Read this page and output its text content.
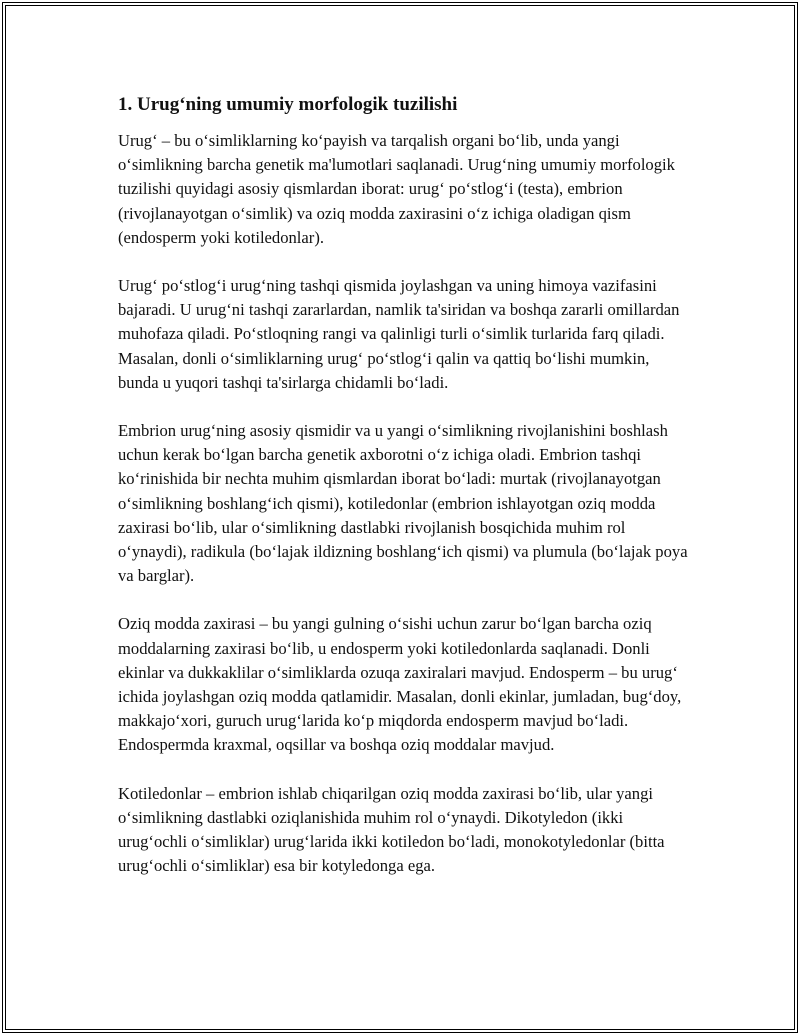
1. Urug‘ning umumiy morfologik tuzilishi

Urug‘ – bu o‘simliklarning ko‘payish va tarqalish organi bo‘lib, unda yangi o‘simlikning barcha genetik ma'lumotlari saqlanadi. Urug‘ning umumiy morfologik tuzilishi quyidagi asosiy qismlardan iborat: urug‘ po‘stlog‘i (testa), embrion (rivojlanayotgan o‘simlik) va oziq modda zaxirasini o‘z ichiga oladigan qism (endosperm yoki kotiledonlar).

Urug‘ po‘stlog‘i urug‘ning tashqi qismida joylashgan va uning himoya vazifasini bajaradi. U urug‘ni tashqi zararlardan, namlik ta'siridan va boshqa zararli omillardan muhofaza qiladi. Po‘stloqning rangi va qalinligi turli o‘simlik turlarida farq qiladi. Masalan, donli o‘simliklarning urug‘ po‘stlog‘i qalin va qattiq bo‘lishi mumkin, bunda u yuqori tashqi ta'sirlarga chidamli bo‘ladi.

Embrion urug‘ning asosiy qismidir va u yangi o‘simlikning rivojlanishini boshlash uchun kerak bo‘lgan barcha genetik axborotni o‘z ichiga oladi. Embrion tashqi ko‘rinishida bir nechta muhim qismlardan iborat bo‘ladi: murtak (rivojlanayotgan o‘simlikning boshlang‘ich qismi), kotiledonlar (embrion ishlayotgan oziq modda zaxirasi bo‘lib, ular o‘simlikning dastlabki rivojlanish bosqichida muhim rol o‘ynaydi), radikula (bo‘lajak ildizning boshlang‘ich qismi) va plumula (bo‘lajak poya va barglar).

Oziq modda zaxirasi – bu yangi gulning o‘sishi uchun zarur bo‘lgan barcha oziq moddalarning zaxirasi bo‘lib, u endosperm yoki kotiledonlarda saqlanadi. Donli ekinlar va dukkaklilar o‘simliklarda ozuqa zaxiralari mavjud. Endosperm – bu urug‘ ichida joylashgan oziq modda qatlamidir. Masalan, donli ekinlar, jumladan, bug‘doy, makkajo‘xori, guruch urug‘larida ko‘p miqdorda endosperm mavjud bo‘ladi. Endospermda kraxmal, oqsillar va boshqa oziq moddalar mavjud.

Kotiledonlar – embrion ishlab chiqarilgan oziq modda zaxirasi bo‘lib, ular yangi o‘simlikning dastlabki oziqlanishida muhim rol o‘ynaydi. Dikotyledon (ikki urug‘ochli o‘simliklar) urug‘larida ikki kotiledon bo‘ladi, monokotyledonlar (bitta urug‘ochli o‘simliklar) esa bir kotyledonga ega.
